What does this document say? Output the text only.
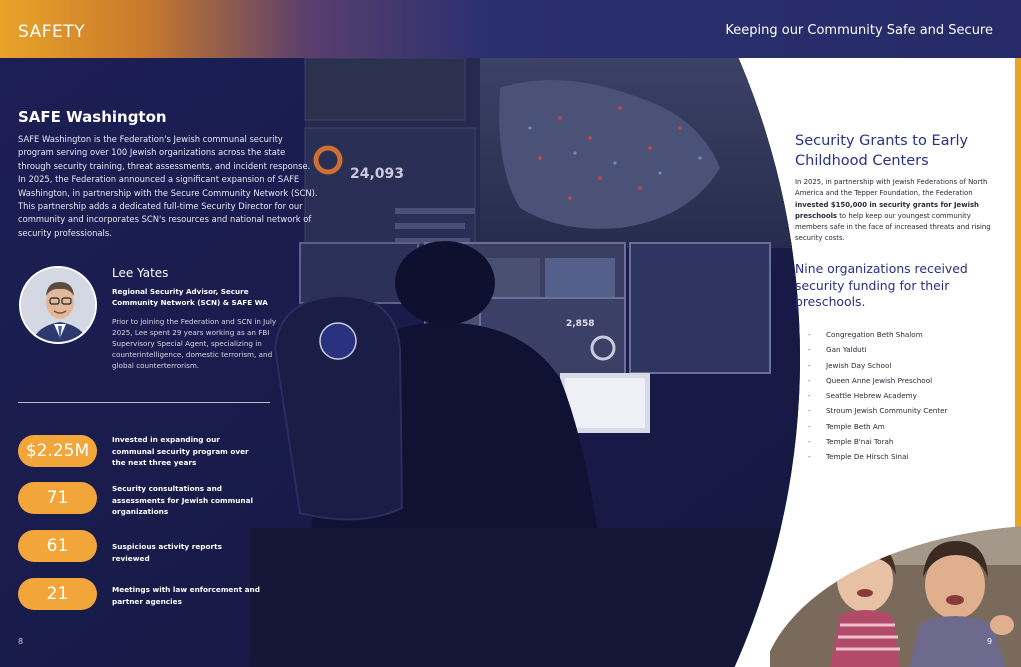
SAFETY	Keeping our Community Safe and Secure
24,093
2,858
SAFE Washington
SAFE Washington is the Federation's Jewish communal security program serving over 100 Jewish organizations across the state through security training, threat assessments, and incident response. In 2025, the Federation announced a significant expansion of SAFE Washington, in partnership with the Secure Community Network (SCN). This partnership adds a dedicated full-time Security Director for our community and incorporates SCN's resources and national network of security professionals.
Lee Yates
Regional Security Advisor, Secure Community Network (SCN) & SAFE WA
Prior to joining the Federation and SCN in July 2025, Lee spent 29 years working as an FBI Supervisory Special Agent, specializing in counterintelligence, domestic terrorism, and global counterterrorism.
$2.25M
Invested in expanding our communal security program over the next three years
71	Security consultations and assessments for Jewish communal organizations
61	Suspicious activity reports reviewed
21	Meetings with law enforcement and partner agencies
8
Security Grants to Early Childhood Centers
In 2025, in partnership with Jewish Federations of North America and the Tepper Foundation, the Federation invested $150,000 in security grants for Jewish preschools to help keep our youngest community members safe in the face of increased threats and rising security costs.
Nine organizations received security funding for their preschools.
- Congregation Beth Shalom
- Gan Yalduti
- Jewish Day School
- Queen Anne Jewish Preschool
- Seattle Hebrew Academy
- Stroum Jewish Community Center
- Temple Beth Am
- Temple B'nai Torah
- Temple De Hirsch Sinai
9
